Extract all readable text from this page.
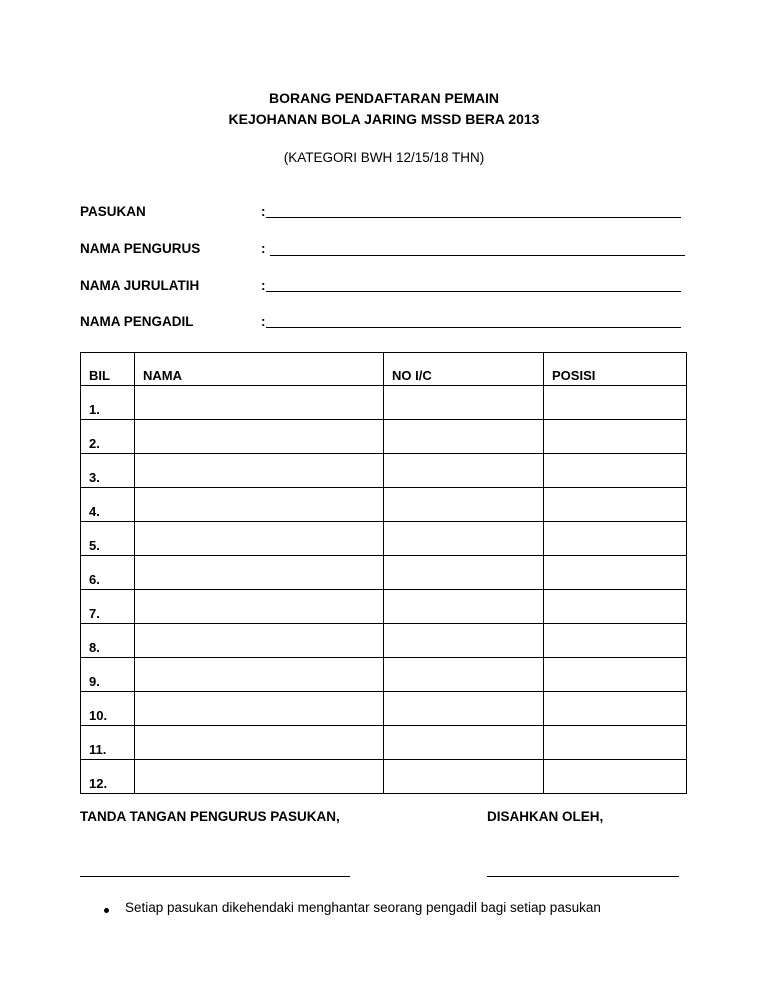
BORANG PENDAFTARAN PEMAIN
KEJOHANAN BOLA JARING MSSD BERA 2013
(KATEGORI BWH 12/15/18 THN)
PASUKAN	:
NAMA PENGURUS	:
NAMA JURULATIH	:
NAMA PENGADIL	:
BIL	NAMA	NO I/C	POSISI
1.			
2.			
3.			
4.			
5.			
6.			
7.			
8.			
9.			
10.			
11.			
12.			
TANDA TANGAN PENGURUS PASUKAN,	DISAHKAN OLEH,
Setiap pasukan dikehendaki menghantar seorang pengadil bagi setiap pasukan
